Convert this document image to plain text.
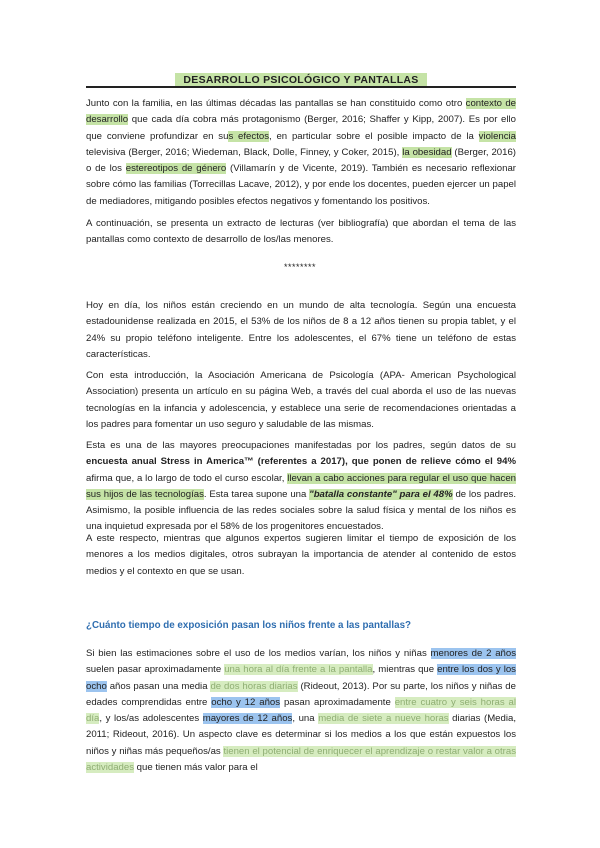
DESARROLLO PSICOLÓGICO Y PANTALLAS
Junto con la familia, en las últimas décadas las pantallas se han constituido como otro contexto de desarrollo que cada día cobra más protagonismo (Berger, 2016; Shaffer y Kipp, 2007). Es por ello que conviene profundizar en sus efectos, en particular sobre el posible impacto de la violencia televisiva (Berger, 2016; Wiedeman, Black, Dolle, Finney, y Coker, 2015), la obesidad (Berger, 2016) o de los estereotipos de género (Villamarín y de Vicente, 2019). También es necesario reflexionar sobre cómo las familias (Torrecillas Lacave, 2012), y por ende los docentes, pueden ejercer un papel de mediadores, mitigando posibles efectos negativos y fomentando los positivos.
A continuación, se presenta un extracto de lecturas (ver bibliografía) que abordan el tema de las pantallas como contexto de desarrollo de los/las menores.
********
Hoy en día, los niños están creciendo en un mundo de alta tecnología. Según una encuesta estadounidense realizada en 2015, el 53% de los niños de 8 a 12 años tienen su propia tablet, y el 24% su propio teléfono inteligente. Entre los adolescentes, el 67% tiene un teléfono de estas características.
Con esta introducción, la Asociación Americana de Psicología (APA- American Psychological Association) presenta un artículo en su página Web, a través del cual aborda el uso de las nuevas tecnologías en la infancia y adolescencia, y establece una serie de recomendaciones orientadas a los padres para fomentar un uso seguro y saludable de las mismas.
Esta es una de las mayores preocupaciones manifestadas por los padres, según datos de su encuesta anual Stress in America™ (referentes a 2017), que ponen de relieve cómo el 94% afirma que, a lo largo de todo el curso escolar, llevan a cabo acciones para regular el uso que hacen sus hijos de las tecnologías. Esta tarea supone una "batalla constante" para el 48% de los padres. Asimismo, la posible influencia de las redes sociales sobre la salud física y mental de los niños es una inquietud expresada por el 58% de los progenitores encuestados.
A este respecto, mientras que algunos expertos sugieren limitar el tiempo de exposición de los menores a los medios digitales, otros subrayan la importancia de atender al contenido de estos medios y el contexto en que se usan.
¿Cuánto tiempo de exposición pasan los niños frente a las pantallas?
Si bien las estimaciones sobre el uso de los medios varían, los niños y niñas menores de 2 años suelen pasar aproximadamente una hora al día frente a la pantalla, mientras que entre los dos y los ocho años pasan una media de dos horas diarias (Rideout, 2013). Por su parte, los niños y niñas de edades comprendidas entre ocho y 12 años pasan aproximadamente entre cuatro y seis horas al día, y los/as adolescentes mayores de 12 años, una media de siete a nueve horas diarias (Media, 2011; Rideout, 2016). Un aspecto clave es determinar si los medios a los que están expuestos los niños y niñas más pequeños/as tienen el potencial de enriquecer el aprendizaje o restar valor a otras actividades que tienen más valor para el
